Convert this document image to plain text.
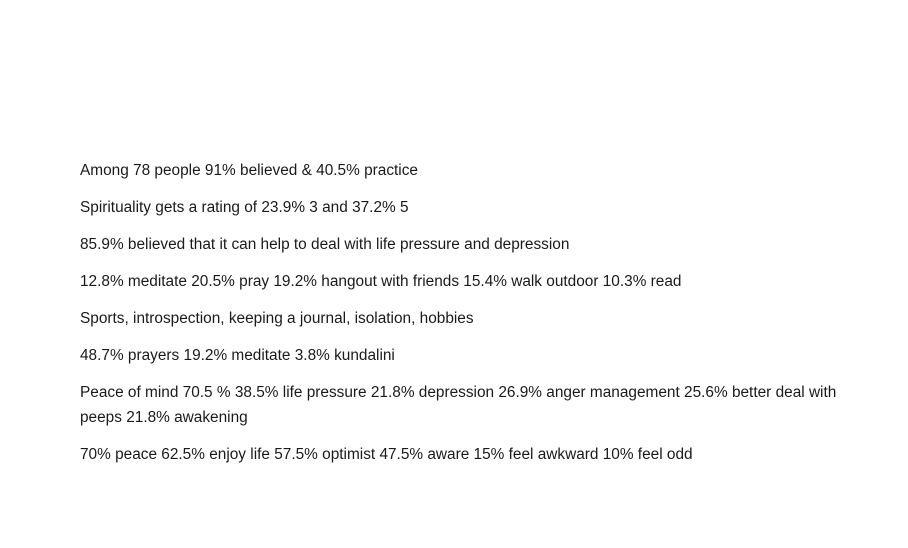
Among 78 people 91% believed & 40.5% practice

Spirituality gets a rating of 23.9% 3 and 37.2% 5

85.9% believed that it can help to deal with life pressure and depression

12.8% meditate 20.5% pray 19.2% hangout with friends 15.4% walk outdoor 10.3% read

Sports, introspection, keeping a journal, isolation, hobbies

48.7% prayers 19.2% meditate 3.8% kundalini

Peace of mind 70.5 % 38.5% life pressure 21.8% depression 26.9% anger management 25.6% better deal with peeps 21.8% awakening

70% peace 62.5% enjoy life 57.5% optimist 47.5% aware 15% feel awkward 10% feel odd
